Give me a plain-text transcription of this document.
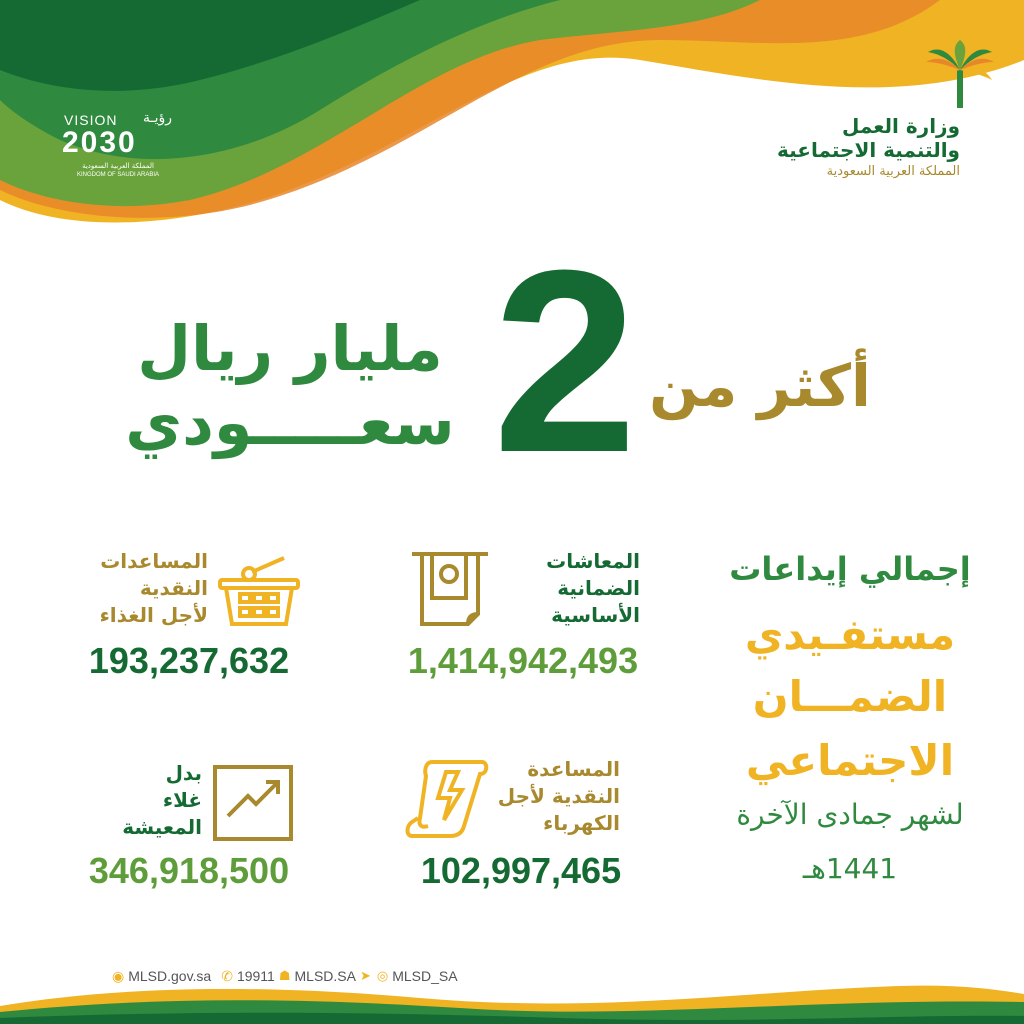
VISION رؤيـة
2030
المملكة العربية السعودية
KINGDOM OF SAUDI ARABIA
وزارة العمل
والتنمية الاجتماعية
المملكة العربية السعودية
أكثر من
2
مليار ريال
سعـــــودي
إجمالي إيداعات
مستفـيدي
الضمـــان
الاجتماعي
لشهر جمادى الآخرة
1441هـ
المعاشات
الضمانية
الأساسية
1,414,942,493
المساعدات
النقدية
لأجل الغذاء
193,237,632
المساعدة
النقدية لأجل
الكهرباء
102,997,465
بدل
غلاء
المعيشة
346,918,500
◉ MLSD.gov.sa ✆ 19911 ☗ MLSD.SA ➤ ◎ MLSD_SA
